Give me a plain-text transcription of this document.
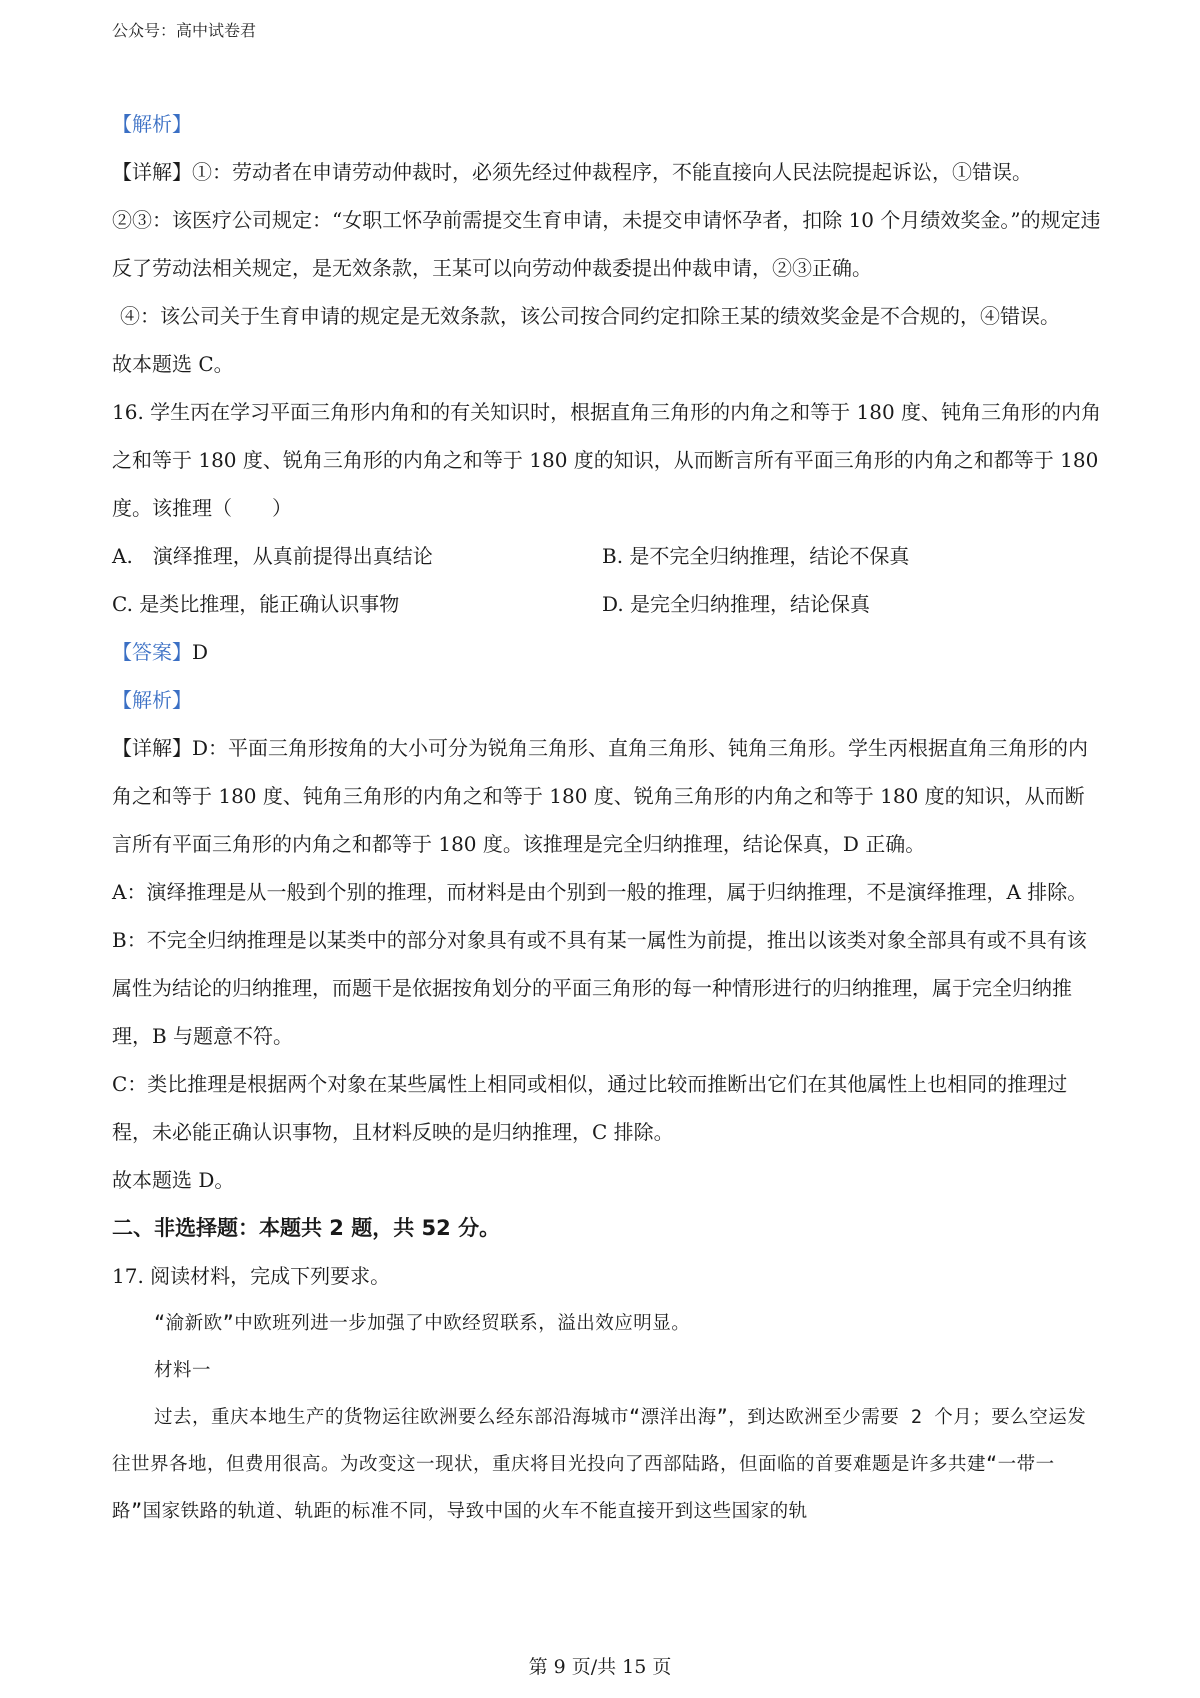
公众号：高中试卷君

【解析】

【详解】①：劳动者在申请劳动仲裁时，必须先经过仲裁程序，不能直接向人民法院提起诉讼，①错误。

②③：该医疗公司规定：“女职工怀孕前需提交生育申请，未提交申请怀孕者，扣除 10 个月绩效奖金。”的规定违反了劳动法相关规定，是无效条款，王某可以向劳动仲裁委提出仲裁申请，②③正确。

④：该公司关于生育申请的规定是无效条款，该公司按合同约定扣除王某的绩效奖金是不合规的，④错误。

故本题选 C。

16. 学生丙在学习平面三角形内角和的有关知识时，根据直角三角形的内角之和等于 180 度、钝角三角形的内角之和等于 180 度、锐角三角形的内角之和等于 180 度的知识，从而断言所有平面三角形的内角之和都等于 180 度。该推理（　　）

A.　演绎推理，从真前提得出真结论	B. 是不完全归纳推理，结论不保真

C. 是类比推理，能正确认识事物	D. 是完全归纳推理，结论保真

【答案】D

【解析】

【详解】D：平面三角形按角的大小可分为锐角三角形、直角三角形、钝角三角形。学生丙根据直角三角形的内角之和等于 180 度、钝角三角形的内角之和等于 180 度、锐角三角形的内角之和等于 180 度的知识，从而断言所有平面三角形的内角之和都等于 180 度。该推理是完全归纳推理，结论保真，D 正确。

A：演绎推理是从一般到个别的推理，而材料是由个别到一般的推理，属于归纳推理，不是演绎推理，A 排除。

B：不完全归纳推理是以某类中的部分对象具有或不具有某一属性为前提，推出以该类对象全部具有或不具有该属性为结论的归纳推理，而题干是依据按角划分的平面三角形的每一种情形进行的归纳推理，属于完全归纳推理，B 与题意不符。

C：类比推理是根据两个对象在某些属性上相同或相似，通过比较而推断出它们在其他属性上也相同的推理过程，未必能正确认识事物，且材料反映的是归纳推理，C 排除。

故本题选 D。

二、非选择题：本题共 2 题，共 52 分。

17. 阅读材料，完成下列要求。

“渝新欧”中欧班列进一步加强了中欧经贸联系，溢出效应明显。

材料一

过去，重庆本地生产的货物运往欧洲要么经东部沿海城市“漂洋出海”，到达欧洲至少需要 2 个月；要么空运发往世界各地，但费用很高。为改变这一现状，重庆将目光投向了西部陆路，但面临的首要难题是许多共建“一带一路”国家铁路的轨道、轨距的标准不同，导致中国的火车不能直接开到这些国家的轨

第 9 页/共 15 页
